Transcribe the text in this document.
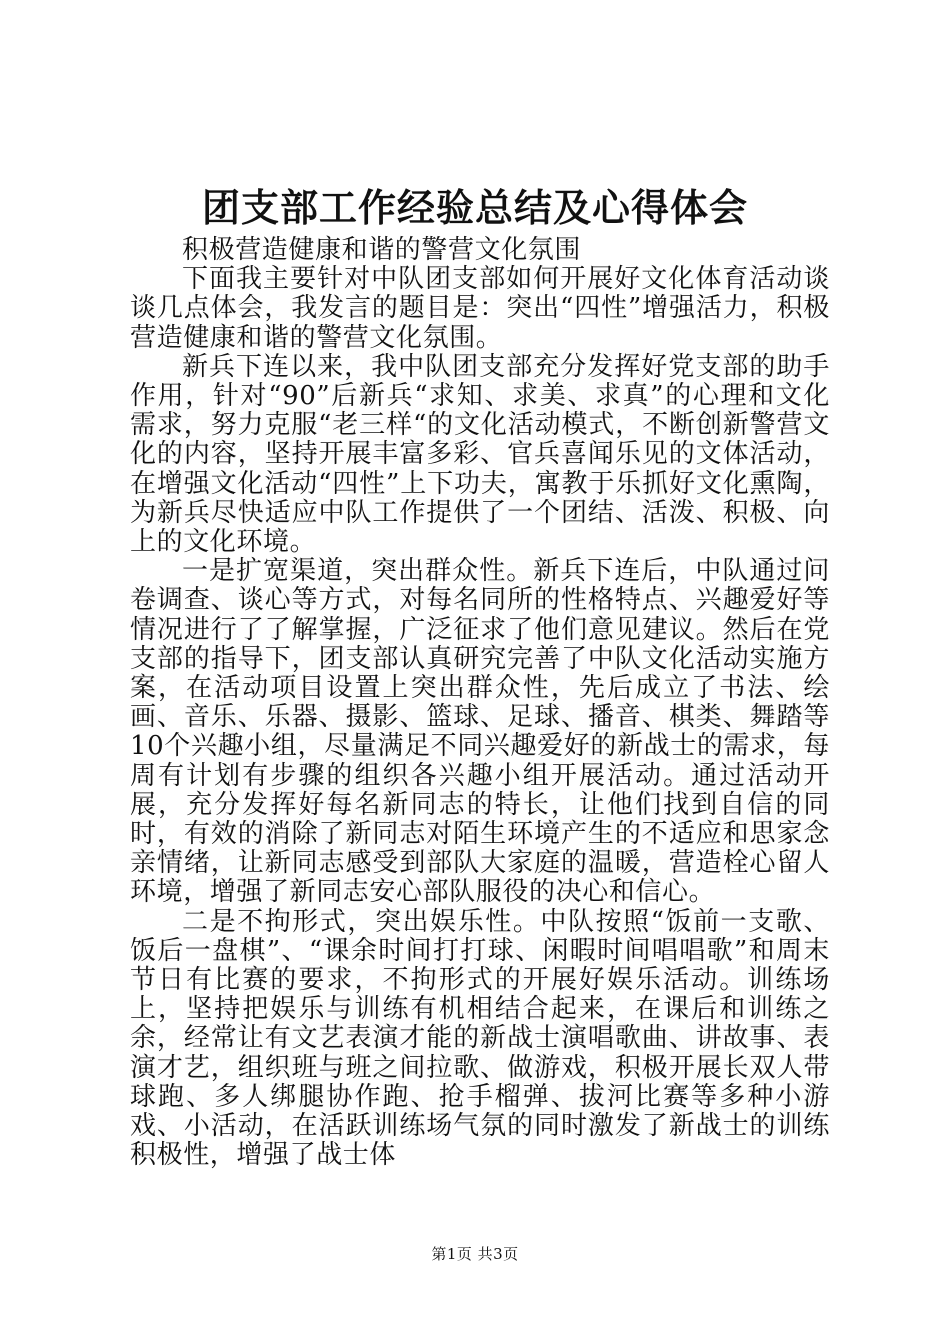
团支部工作经验总结及心得体会

积极营造健康和谐的警营文化氛围

下面我主要针对中队团支部如何开展好文化体育活动谈谈几点体会，我发言的题目是：突出“四性”增强活力，积极营造健康和谐的警营文化氛围。

新兵下连以来，我中队团支部充分发挥好党支部的助手作用，针对“90”后新兵“求知、求美、求真”的心理和文化需求，努力克服“老三样“的文化活动模式，不断创新警营文化的内容，坚持开展丰富多彩、官兵喜闻乐见的文体活动，在增强文化活动“四性”上下功夫，寓教于乐抓好文化熏陶，为新兵尽快适应中队工作提供了一个团结、活泼、积极、向上的文化环境。

一是扩宽渠道，突出群众性。新兵下连后，中队通过问卷调查、谈心等方式，对每名同所的性格特点、兴趣爱好等情况进行了了解掌握，广泛征求了他们意见建议。然后在党支部的指导下，团支部认真研究完善了中队文化活动实施方案，在活动项目设置上突出群众性，先后成立了书法、绘画、音乐、乐器、摄影、篮球、足球、播音、棋类、舞踏等10个兴趣小组，尽量满足不同兴趣爱好的新战士的需求，每周有计划有步骤的组织各兴趣小组开展活动。通过活动开展，充分发挥好每名新同志的特长，让他们找到自信的同时，有效的消除了新同志对陌生环境产生的不适应和思家念亲情绪，让新同志感受到部队大家庭的温暖，营造栓心留人环境，增强了新同志安心部队服役的决心和信心。

二是不拘形式，突出娱乐性。中队按照“饭前一支歌、饭后一盘棋”、“课余时间打打球、闲暇时间唱唱歌”和周末节日有比赛的要求，不拘形式的开展好娱乐活动。训练场上，坚持把娱乐与训练有机相结合起来，在课后和训练之余，经常让有文艺表演才能的新战士演唱歌曲、讲故事、表演才艺，组织班与班之间拉歌、做游戏，积极开展长双人带球跑、多人绑腿协作跑、抢手榴弹、拔河比赛等多种小游戏、小活动，在活跃训练场气氛的同时激发了新战士的训练积极性，增强了战士体

第1页 共3页
